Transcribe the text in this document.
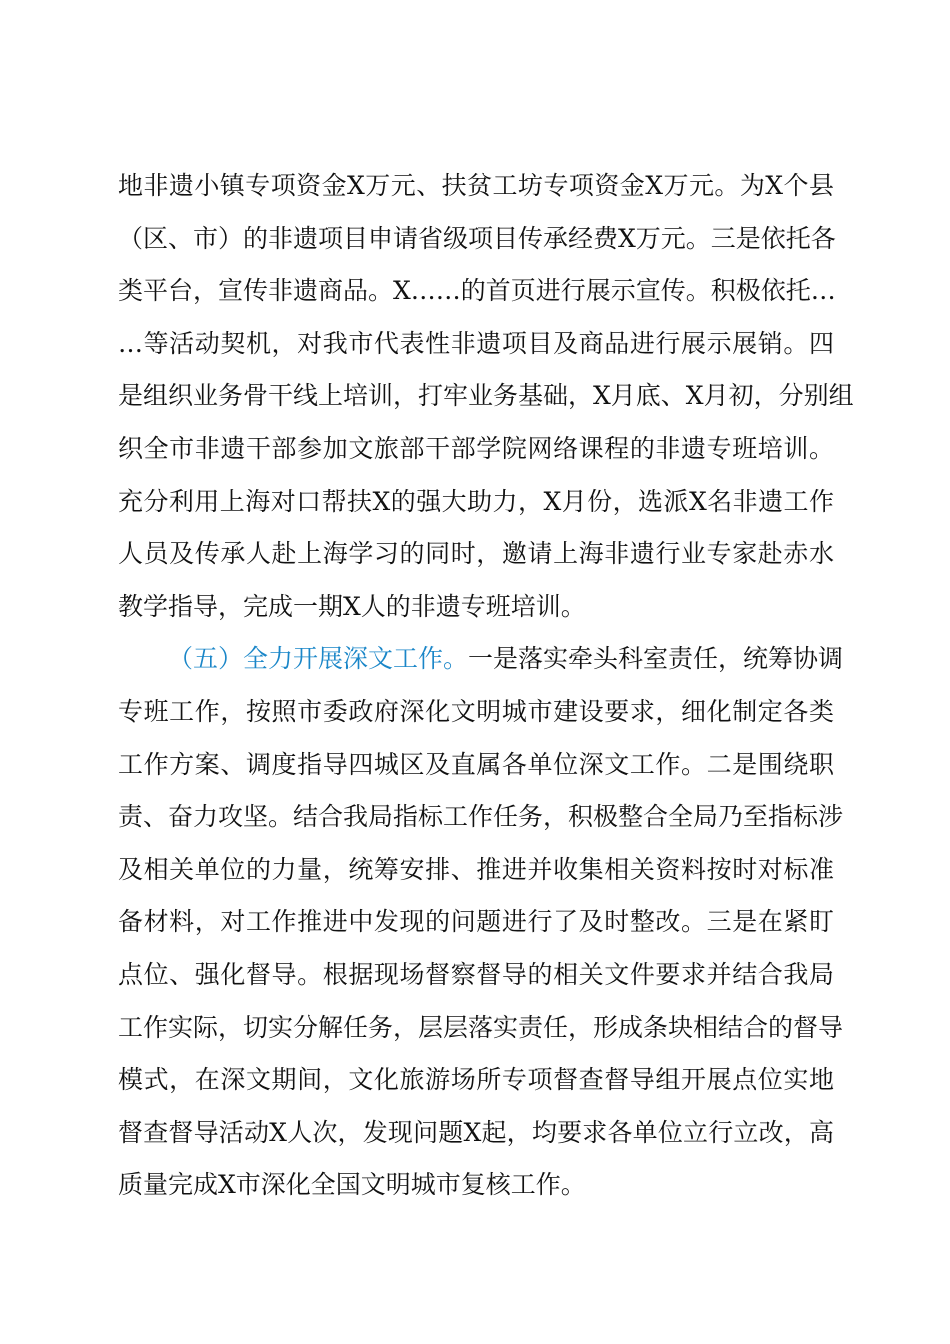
地非遗小镇专项资金X万元、扶贫工坊专项资金X万元。为X个县
（区、市）的非遗项目申请省级项目传承经费X万元。三是依托各
类平台，宣传非遗商品。X……的首页进行展示宣传。积极依托…
…等活动契机，对我市代表性非遗项目及商品进行展示展销。四
是组织业务骨干线上培训，打牢业务基础，X月底、X月初，分别组
织全市非遗干部参加文旅部干部学院网络课程的非遗专班培训。
充分利用上海对口帮扶X的强大助力，X月份，选派X名非遗工作
人员及传承人赴上海学习的同时，邀请上海非遗行业专家赴赤水
教学指导，完成一期X人的非遗专班培训。
（五）全力开展深文工作。一是落实牵头科室责任，统筹协调
专班工作，按照市委政府深化文明城市建设要求，细化制定各类
工作方案、调度指导四城区及直属各单位深文工作。二是围绕职
责、奋力攻坚。结合我局指标工作任务，积极整合全局乃至指标涉
及相关单位的力量，统筹安排、推进并收集相关资料按时对标准
备材料，对工作推进中发现的问题进行了及时整改。三是在紧盯
点位、强化督导。根据现场督察督导的相关文件要求并结合我局
工作实际，切实分解任务，层层落实责任，形成条块相结合的督导
模式，在深文期间，文化旅游场所专项督查督导组开展点位实地
督查督导活动X人次，发现问题X起，均要求各单位立行立改，高
质量完成X市深化全国文明城市复核工作。
